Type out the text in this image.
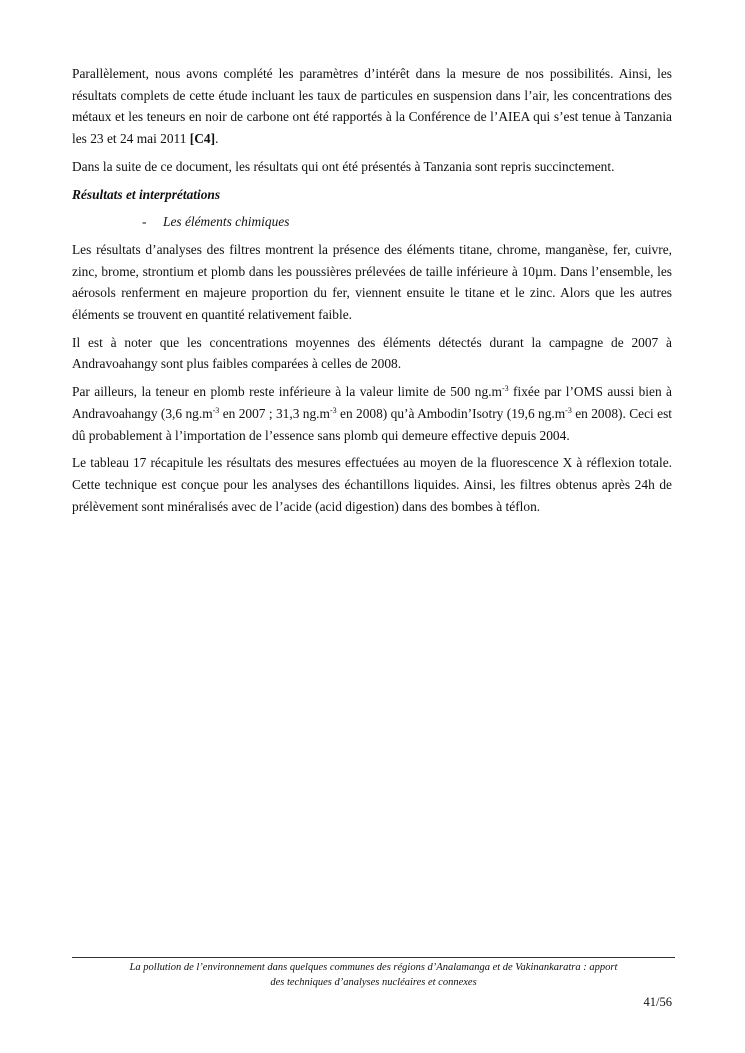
Parallèlement, nous avons complété les paramètres d’intérêt dans la mesure de nos possibilités. Ainsi, les résultats complets de cette étude incluant les taux de particules en suspension dans l’air, les concentrations des métaux et les teneurs en noir de carbone ont été rapportés à la Conférence de l’AIEA qui s’est tenue à Tanzania les 23 et 24 mai 2011 [C4].

Dans la suite de ce document, les résultats qui ont été présentés à Tanzania sont repris succinctement.

Résultats et interprétations
- Les éléments chimiques

Les résultats d’analyses des filtres montrent la présence des éléments titane, chrome, manganèse, fer, cuivre, zinc, brome, strontium et plomb dans les poussières prélevées de taille inférieure à 10µm. Dans l’ensemble, les aérosols renferment en majeure proportion du fer, viennent ensuite le titane et le zinc. Alors que les autres éléments se trouvent en quantité relativement faible.

Il est à noter que les concentrations moyennes des éléments détectés durant la campagne de 2007 à Andravoahangy sont plus faibles comparées à celles de 2008.

Par ailleurs, la teneur en plomb reste inférieure à la valeur limite de 500 $ng.m^{-3}$ fixée par l’OMS aussi bien à Andravoahangy (3,6 $ng.m^{-3}$ en 2007 ; 31,3 $ng.m^{-3}$ en 2008) qu’à Ambodin’Isotry (19,6 $ng.m^{-3}$ en 2008). Ceci est dû probablement à l’importation de l’essence sans plomb qui demeure effective depuis 2004.

Le tableau 17 récapitule les résultats des mesures effectuées au moyen de la fluorescence X à réflexion totale. Cette technique est conçue pour les analyses des échantillons liquides. Ainsi, les filtres obtenus après 24h de prélèvement sont minéralisés avec de l’acide (acid digestion) dans des bombes à téflon.

La pollution de l’environnement dans quelques communes des régions d’Analamanga et de Vakinankaratra : apport
des techniques d’analyses nucléaires et connexes
41/56
